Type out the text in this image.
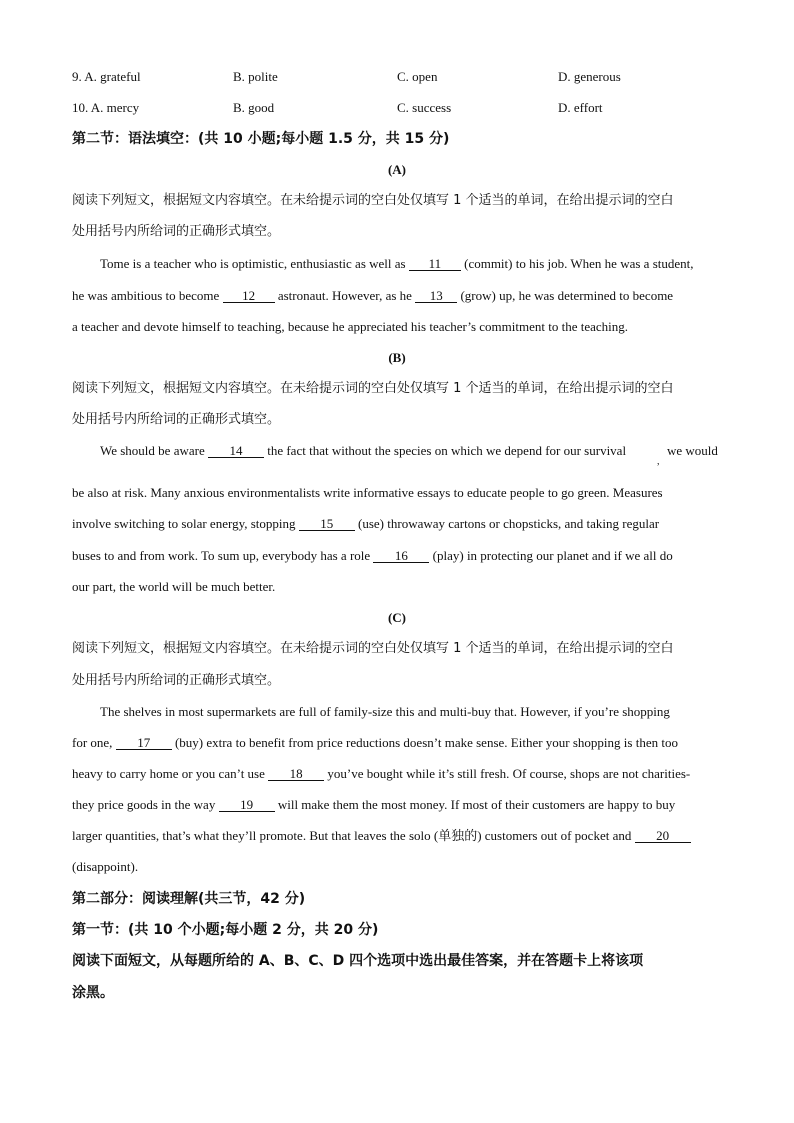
9. A. grateful	B. polite	C. open	D. generous
10. A. mercy	B. good	C. success	D. effort
第二节：语法填空：(共 10 小题;每小题 1.5 分，共 15 分)
(A)
阅读下列短文，根据短文内容填空。在未给提示词的空白处仅填写 1 个适当的单词，在给出提示词的空白
处用括号内所给词的正确形式填空。
Tome is a teacher who is optimistic, enthusiastic as well as 11 (commit) to his job. When he was a student,
he was ambitious to become 12 astronaut. However, as he 13 (grow) up, he was determined to become
a teacher and devote himself to teaching, because he appreciated his teacher’s commitment to the teaching.
(B)
阅读下列短文，根据短文内容填空。在未给提示词的空白处仅填写 1 个适当的单词，在给出提示词的空白
处用括号内所给词的正确形式填空。
We should be aware 14 the fact that without the species on which we depend for our survival	we would
,
be also at risk. Many anxious environmentalists write informative essays to educate people to go green. Measures
involve switching to solar energy, stopping 15 (use) throwaway cartons or chopsticks, and taking regular
buses to and from work. To sum up, everybody has a role 16 (play) in protecting our planet and if we all do
our part, the world will be much better.
(C)
阅读下列短文，根据短文内容填空。在未给提示词的空白处仅填写 1 个适当的单词，在给出提示词的空白
处用括号内所给词的正确形式填空。
The shelves in most supermarkets are full of family-size this and multi-buy that. However, if you’re shopping
for one, 17 (buy) extra to benefit from price reductions doesn’t make sense. Either your shopping is then too
heavy to carry home or you can’t use 18 you’ve bought while it’s still fresh. Of course, shops are not charities-
they price goods in the way 19 will make them the most money. If most of their customers are happy to buy
larger quantities, that’s what they’ll promote. But that leaves the solo (单独的) customers out of pocket and 20
(disappoint).
第二部分：阅读理解(共三节，42 分)
第一节：(共 10 个小题;每小题 2 分，共 20 分)
阅读下面短文，从每题所给的 A、B、C、D 四个选项中选出最佳答案，并在答题卡上将该项
涂黑。
